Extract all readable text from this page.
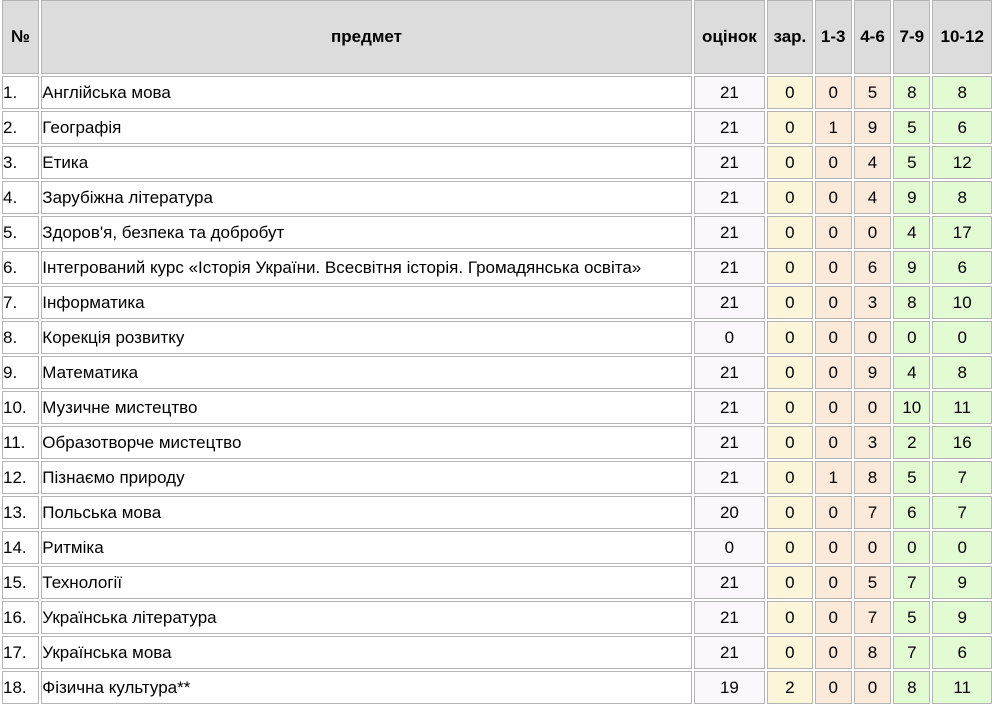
№	предмет	оцінок	зар.	1-3	4-6	7-9	10-12
1.	Англійська мова	21	0	0	5	8	8
2.	Географія	21	0	1	9	5	6
3.	Етика	21	0	0	4	5	12
4.	Зарубіжна література	21	0	0	4	9	8
5.	Здоров'я, безпека та добробут	21	0	0	0	4	17
6.	Інтегрований курс «Історія України. Всесвітня історія. Громадянська освіта»	21	0	0	6	9	6
7.	Інформатика	21	0	0	3	8	10
8.	Корекція розвитку	0	0	0	0	0	0
9.	Математика	21	0	0	9	4	8
10.	Музичне мистецтво	21	0	0	0	10	11
11.	Образотворче мистецтво	21	0	0	3	2	16
12.	Пізнаємо природу	21	0	1	8	5	7
13.	Польська мова	20	0	0	7	6	7
14.	Ритміка	0	0	0	0	0	0
15.	Технології	21	0	0	5	7	9
16.	Українська література	21	0	0	7	5	9
17.	Українська мова	21	0	0	8	7	6
18.	Фізична культура**	19	2	0	0	8	11
